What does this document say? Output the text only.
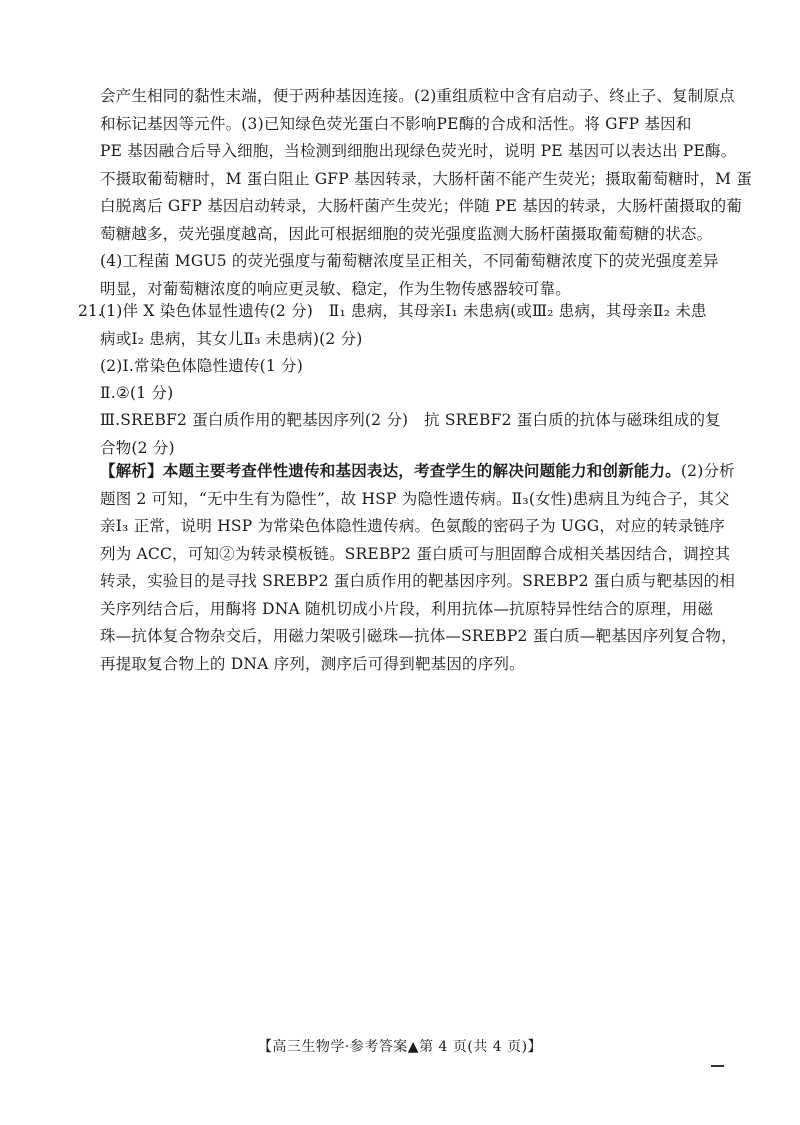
会产生相同的黏性末端，便于两种基因连接。(2)重组质粒中含有启动子、终止子、复制原点
和标记基因等元件。(3)已知绿色荧光蛋白不影响PE酶的合成和活性。将 GFP 基因和
PE 基因融合后导入细胞，当检测到细胞出现绿色荧光时，说明 PE 基因可以表达出 PE酶。
不摄取葡萄糖时，M 蛋白阻止 GFP 基因转录，大肠杆菌不能产生荧光；摄取葡萄糖时，M 蛋
白脱离后 GFP 基因启动转录，大肠杆菌产生荧光；伴随 PE 基因的转录，大肠杆菌摄取的葡
萄糖越多，荧光强度越高，因此可根据细胞的荧光强度监测大肠杆菌摄取葡萄糖的状态。
(4)工程菌 MGU5 的荧光强度与葡萄糖浓度呈正相关，不同葡萄糖浓度下的荧光强度差异
明显，对葡萄糖浓度的响应更灵敏、稳定，作为生物传感器较可靠。
21.
(1)伴 X 染色体显性遗传(2 分)　Ⅱ₁ 患病，其母亲Ⅰ₁ 未患病(或Ⅲ₂ 患病，其母亲Ⅱ₂ 未患
病或Ⅰ₂ 患病，其女儿Ⅱ₃ 未患病)(2 分)
(2)Ⅰ.常染色体隐性遗传(1 分)
Ⅱ.②(1 分)
Ⅲ.SREBF2 蛋白质作用的靶基因序列(2 分)　抗 SREBF2 蛋白质的抗体与磁珠组成的复
合物(2 分)
【解析】本题主要考查伴性遗传和基因表达，考查学生的解决问题能力和创新能力。(2)分析
题图 2 可知，“无中生有为隐性”，故 HSP 为隐性遗传病。Ⅱ₃(女性)患病且为纯合子，其父
亲Ⅰ₃ 正常，说明 HSP 为常染色体隐性遗传病。色氨酸的密码子为 UGG，对应的转录链序
列为 ACC，可知②为转录模板链。SREBP2 蛋白质可与胆固醇合成相关基因结合，调控其
转录，实验目的是寻找 SREBP2 蛋白质作用的靶基因序列。SREBP2 蛋白质与靶基因的相
关序列结合后，用酶将 DNA 随机切成小片段，利用抗体—抗原特异性结合的原理，用磁
珠—抗体复合物杂交后，用磁力架吸引磁珠—抗体—SREBP2 蛋白质—靶基因序列复合物，
再提取复合物上的 DNA 序列，测序后可得到靶基因的序列。
【高三生物学·参考答案▲第 4 页(共 4 页)】
